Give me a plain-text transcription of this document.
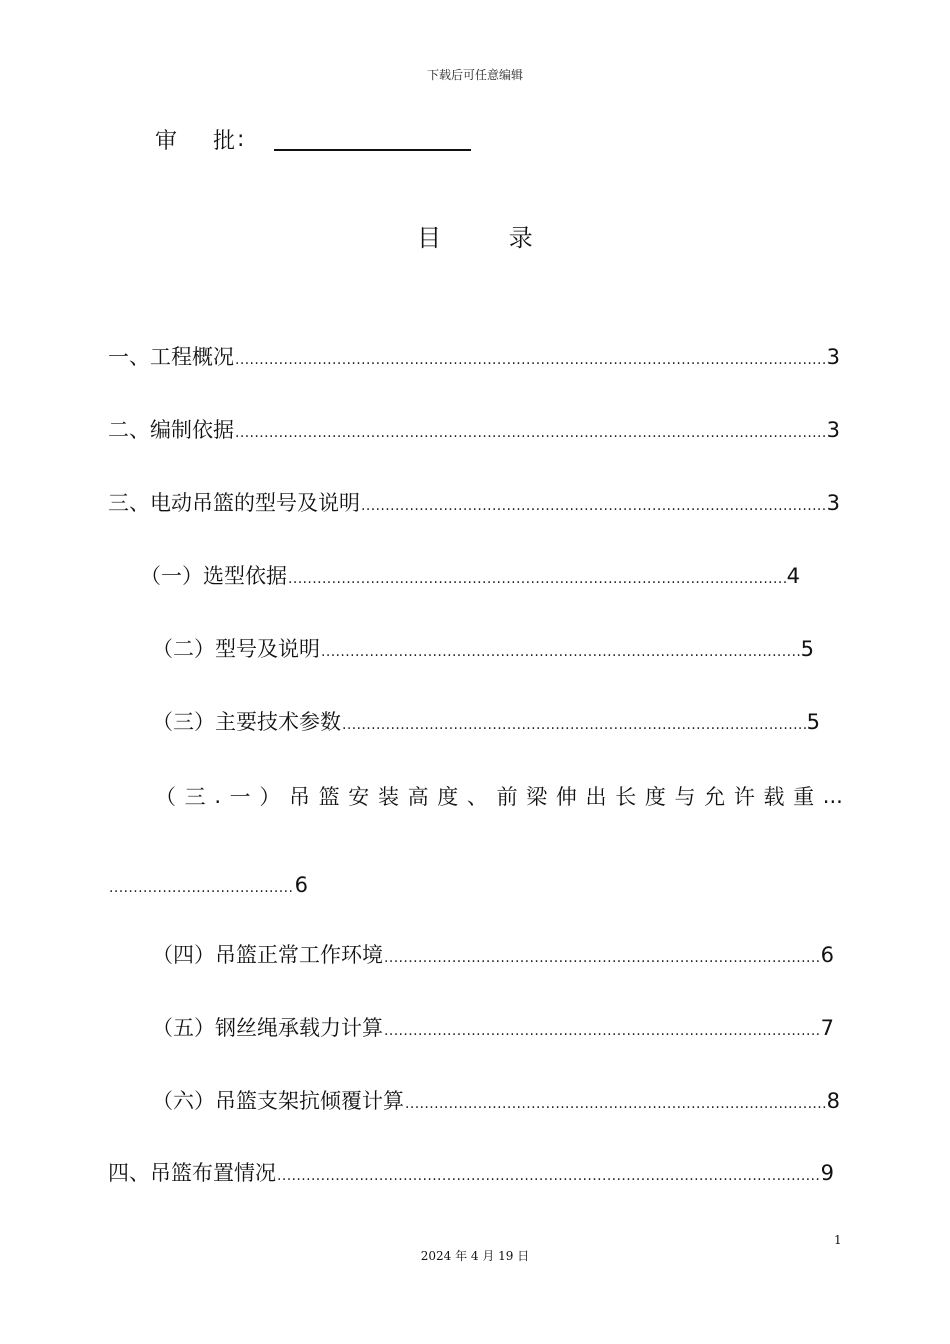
下载后可任意编辑
审 批 :
目 录
一、工程概况 .....	3
二、编制依据 .....	3
三、电动吊篮的型号及说明 .....	3
（一）选型依据 .....	4
（二）型号及说明 .....	5
（三）主要技术参数 .....	5
（ 三 . 一 ） 吊 篮 安 装 高 度 、 前 梁 伸 出 长 度 与 允 许 载 重 ...
.....
6
（四）吊篮正常工作环境 .....	6
（五）钢丝绳承载力计算 .....	7
（六）吊篮支架抗倾覆计算 .....	8
四、吊篮布置情况 .....	9
1
2024 年 4 月 19 日
